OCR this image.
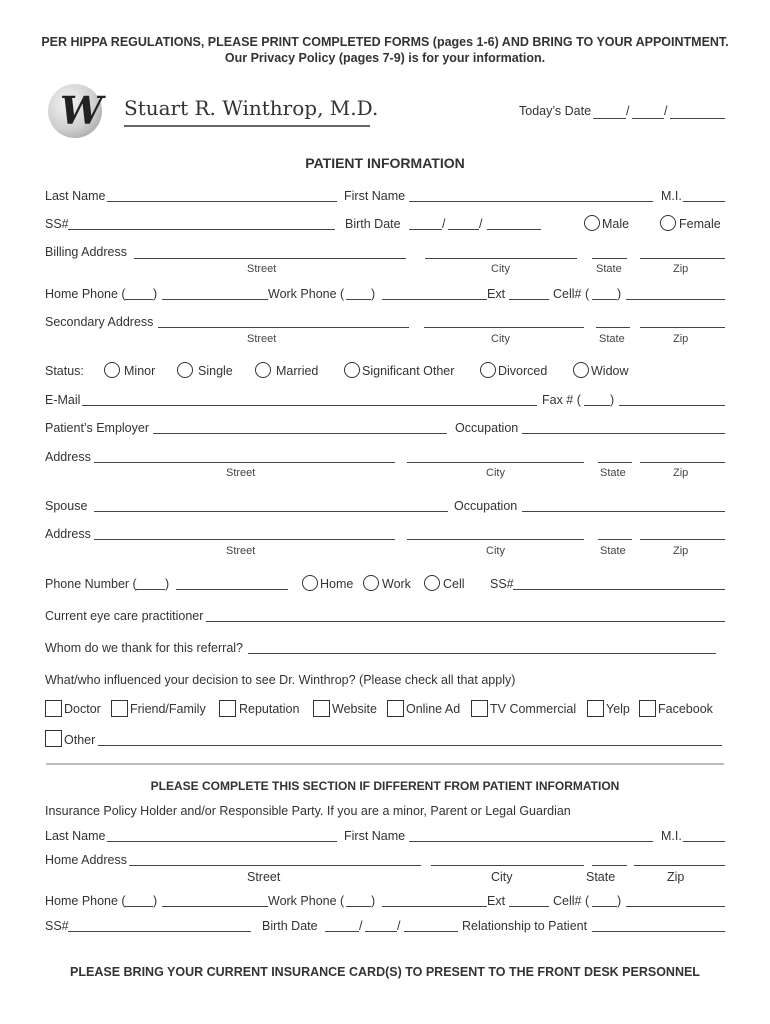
PER HIPPA REGULATIONS, PLEASE PRINT COMPLETED FORMS (pages 1-6) AND BRING TO YOUR APPOINTMENT.
Our Privacy Policy (pages 7-9) is for your information.
W Stuart R. Winthrop, M.D.	Today’s Date	/	/
PATIENT INFORMATION
Last Name	First Name	M.I.
SS#	Birth Date	/	/	Male	Female
Billing Address
Street	City	State	Zip
Home Phone ( )	Work Phone ( )	Ext	Cell# ( )
Secondary Address
Street	City	State	Zip
Status:	Minor	Single	Married	Significant Other	Divorced	Widow
E-Mail	Fax # ( )
Patient’s Employer	Occupation
Address
Street	City	State	Zip
Spouse	Occupation
Address
Street	City	State	Zip
Phone Number ( )	Home Work	Cell SS#
Current eye care practitioner
Whom do we thank for this referral?
What/who influenced your decision to see Dr. Winthrop? (Please check all that apply)
Doctor Friend/Family	Reputation	Website Online Ad TV Commercial Yelp Facebook
Other
PLEASE COMPLETE THIS SECTION IF DIFFERENT FROM PATIENT INFORMATION
Insurance Policy Holder and/or Responsible Party. If you are a minor, Parent or Legal Guardian
Last Name	First Name	M.I.
Home Address
Street	City	State	Zip
Home Phone ( )	Work Phone ( )	Ext	Cell# ( )
SS#	Birth Date	/	/	Relationship to Patient
PLEASE BRING YOUR CURRENT INSURANCE CARD(S) TO PRESENT TO THE FRONT DESK PERSONNEL
